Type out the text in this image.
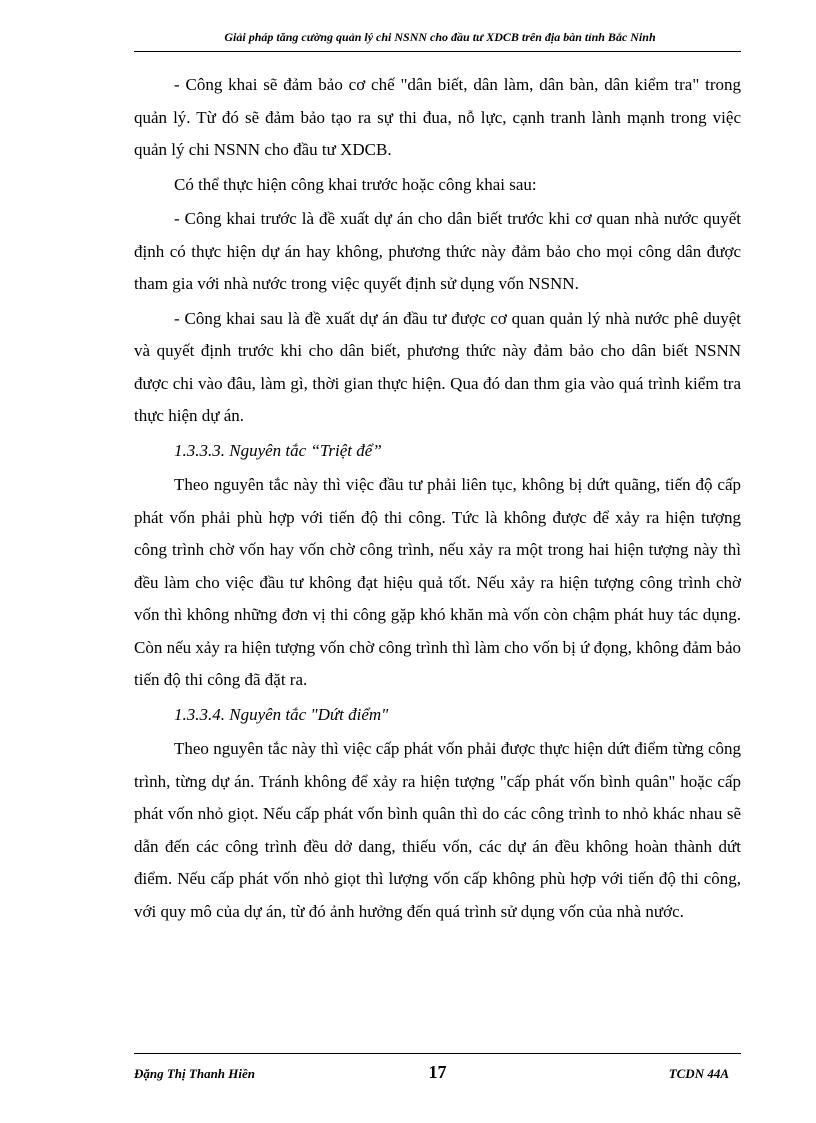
Giải pháp tăng cường quản lý chi NSNN cho đầu tư XDCB trên địa bàn tỉnh Bắc Ninh

- Công khai sẽ đảm bảo cơ chế "dân biết, dân làm, dân bàn, dân kiểm tra" trong quản lý. Từ đó sẽ đảm bảo tạo ra sự thi đua, nỗ lực, cạnh tranh lành mạnh trong việc quản lý chi NSNN cho đầu tư XDCB.

Có thể thực hiện công khai trước hoặc công khai sau:

- Công khai trước là đề xuất dự án cho dân biết trước khi cơ quan nhà nước quyết định có thực hiện dự án hay không, phương thức này đảm bảo cho mọi công dân được tham gia với nhà nước trong việc quyết định sử dụng vốn NSNN.

- Công khai sau là đề xuất dự án đầu tư được cơ quan quản lý nhà nước phê duyệt và quyết định trước khi cho dân biết, phương thức này đảm bảo cho dân biết NSNN được chi vào đâu, làm gì, thời gian thực hiện. Qua đó dan thm gia vào quá trình kiểm tra thực hiện dự án.

1.3.3.3. Nguyên tắc “Triệt để”

Theo nguyên tắc này thì việc đầu tư phải liên tục, không bị dứt quãng, tiến độ cấp phát vốn phải phù hợp với tiến độ thi công. Tức là không được để xảy ra hiện tượng công trình chờ vốn hay vốn chờ công trình, nếu xảy ra một trong hai hiện tượng này thì đều làm cho việc đầu tư không đạt hiệu quả tốt. Nếu xảy ra hiện tượng công trình chờ vốn thì không những đơn vị thi công gặp khó khăn mà vốn còn chậm phát huy tác dụng. Còn nếu xảy ra hiện tượng vốn chờ công trình thì làm cho vốn bị ứ đọng, không đảm bảo tiến độ thi công đã đặt ra.

1.3.3.4. Nguyên tắc "Dứt điểm"

Theo nguyên tắc này thì việc cấp phát vốn phải được thực hiện dứt điểm từng công trình, từng dự án. Tránh không để xảy ra hiện tượng "cấp phát vốn bình quân" hoặc cấp phát vốn nhỏ giọt. Nếu cấp phát vốn bình quân thì do các công trình to nhỏ khác nhau sẽ dẫn đến các công trình đều dở dang, thiếu vốn, các dự án đều không hoàn thành dứt điểm. Nếu cấp phát vốn nhỏ giọt thì lượng vốn cấp không phù hợp với tiến độ thi công, với quy mô của dự án, từ đó ảnh hưởng đến quá trình sử dụng vốn của nhà nước.

Đặng Thị Thanh Hiền	17	TCDN 44A
